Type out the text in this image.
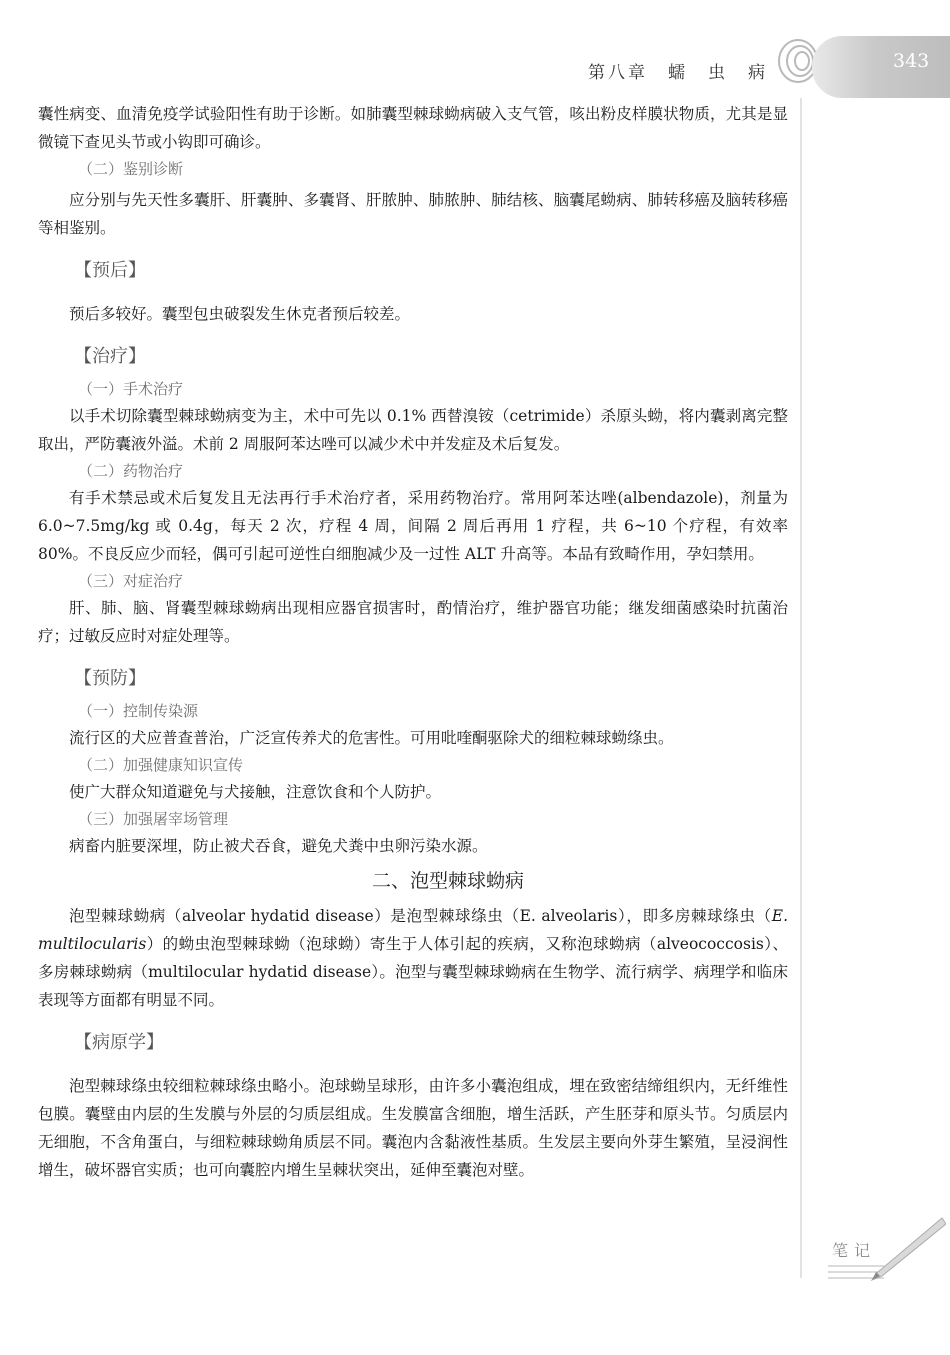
第八章　蠕　虫　病
343

囊性病变、血清免疫学试验阳性有助于诊断。如肺囊型棘球蚴病破入支气管，咳出粉皮样膜状物质，尤其是显微镜下查见头节或小钩即可确诊。

（二）鉴别诊断

应分别与先天性多囊肝、肝囊肿、多囊肾、肝脓肿、肺脓肿、肺结核、脑囊尾蚴病、肺转移癌及脑转移癌等相鉴别。

【预后】

预后多较好。囊型包虫破裂发生休克者预后较差。

【治疗】
（一）手术治疗

以手术切除囊型棘球蚴病变为主，术中可先以 0.1% 西替溴铵（cetrimide）杀原头蚴，将内囊剥离完整取出，严防囊液外溢。术前 2 周服阿苯达唑可以减少术中并发症及术后复发。

（二）药物治疗

有手术禁忌或术后复发且无法再行手术治疗者，采用药物治疗。常用阿苯达唑(albendazole)，剂量为 6.0~7.5mg/kg 或 0.4g，每天 2 次，疗程 4 周，间隔 2 周后再用 1 疗程，共 6~10 个疗程，有效率80%。不良反应少而轻，偶可引起可逆性白细胞减少及一过性 ALT 升高等。本品有致畸作用，孕妇禁用。

（三）对症治疗

肝、肺、脑、肾囊型棘球蚴病出现相应器官损害时，酌情治疗，维护器官功能；继发细菌感染时抗菌治疗；过敏反应时对症处理等。

【预防】
（一）控制传染源

流行区的犬应普查普治，广泛宣传养犬的危害性。可用吡喹酮驱除犬的细粒棘球蚴绦虫。

（二）加强健康知识宣传

使广大群众知道避免与犬接触，注意饮食和个人防护。

（三）加强屠宰场管理

病畜内脏要深埋，防止被犬吞食，避免犬粪中虫卵污染水源。

二、泡型棘球蚴病

泡型棘球蚴病（alveolar hydatid disease）是泡型棘球绦虫（E. alveolaris），即多房棘球绦虫（E. multilocularis）的蚴虫泡型棘球蚴（泡球蚴）寄生于人体引起的疾病，又称泡球蚴病（alveococcosis）、多房棘球蚴病（multilocular hydatid disease）。泡型与囊型棘球蚴病在生物学、流行病学、病理学和临床表现等方面都有明显不同。

【病原学】

泡型棘球绦虫较细粒棘球绦虫略小。泡球蚴呈球形，由许多小囊泡组成，埋在致密结缔组织内，无纤维性包膜。囊壁由内层的生发膜与外层的匀质层组成。生发膜富含细胞，增生活跃，产生胚芽和原头节。匀质层内无细胞，不含角蛋白，与细粒棘球蚴角质层不同。囊泡内含黏液性基质。生发层主要向外芽生繁殖，呈浸润性增生，破坏器官实质；也可向囊腔内增生呈棘状突出，延伸至囊泡对壁。

笔记
